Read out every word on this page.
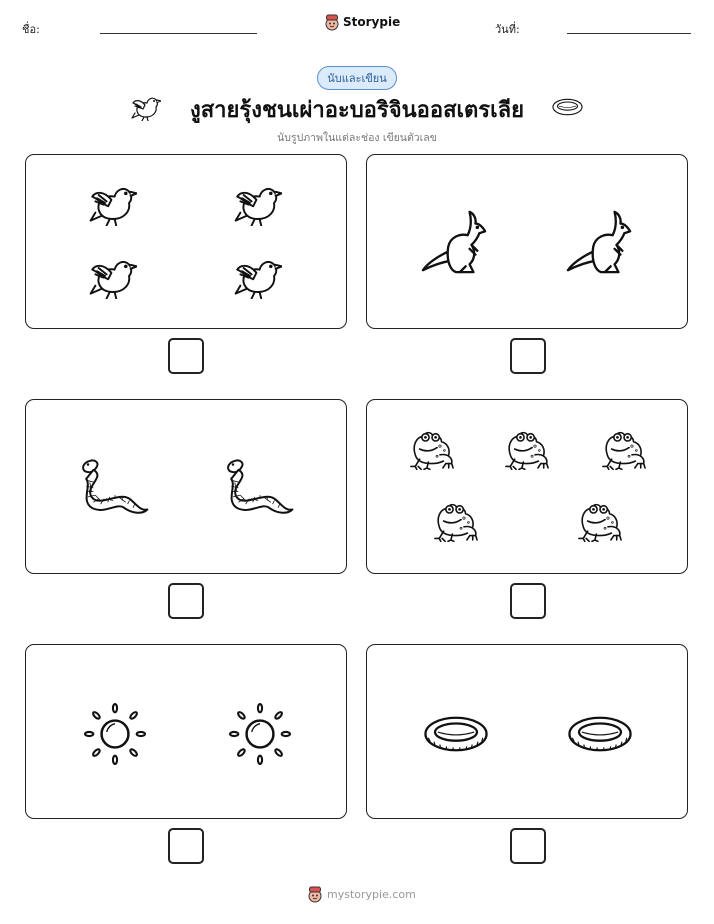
ชื่อ:
Storypie
วันที่:
นับและเขียน
งูสายรุ้งชนเผ่าอะบอริจินออสเตรเลีย
นับรูปภาพในแต่ละช่อง เขียนตัวเลข
mystorypie.com
